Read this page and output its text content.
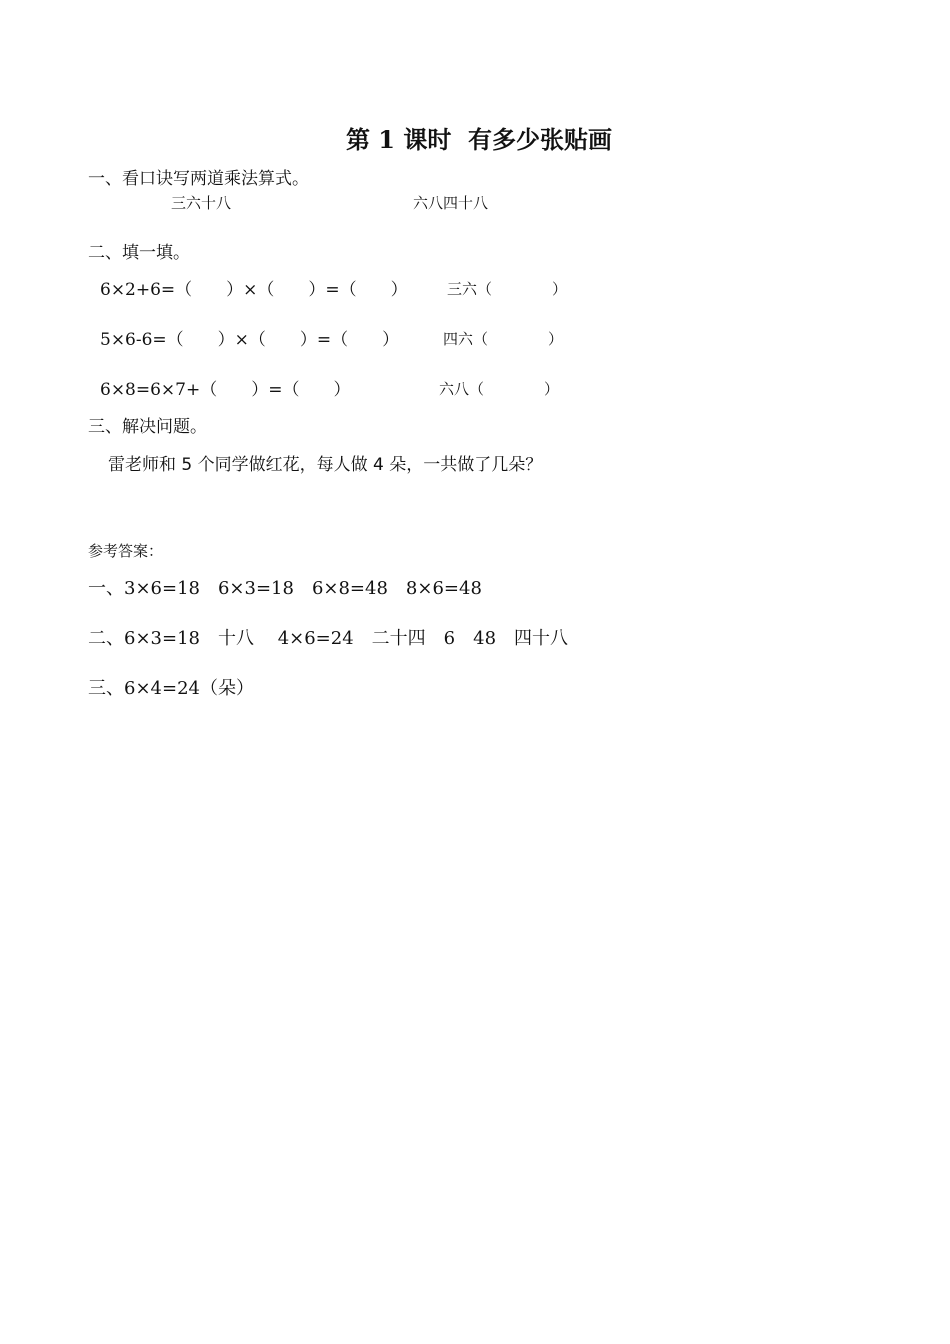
第 1 课时  有多少张贴画
一、看口诀写两道乘法算式。
三六十八	六八四十八
二、填一填。
6×2+6=（　　）×（　　）=（　　）	三六（　　　　）
5×6-6=（　　）×（　　）=（　　）	四六（　　　　）
6×8=6×7+（　　）=（　　）	六八（　　　　）
三、解决问题。
雷老师和 5 个同学做红花，每人做 4 朵，一共做了几朵？
参考答案：
一、3×6=18　6×3=18　6×8=48　8×6=48
二、6×3=18　十八　 4×6=24　二十四　6　48　四十八
三、6×4=24（朵）
